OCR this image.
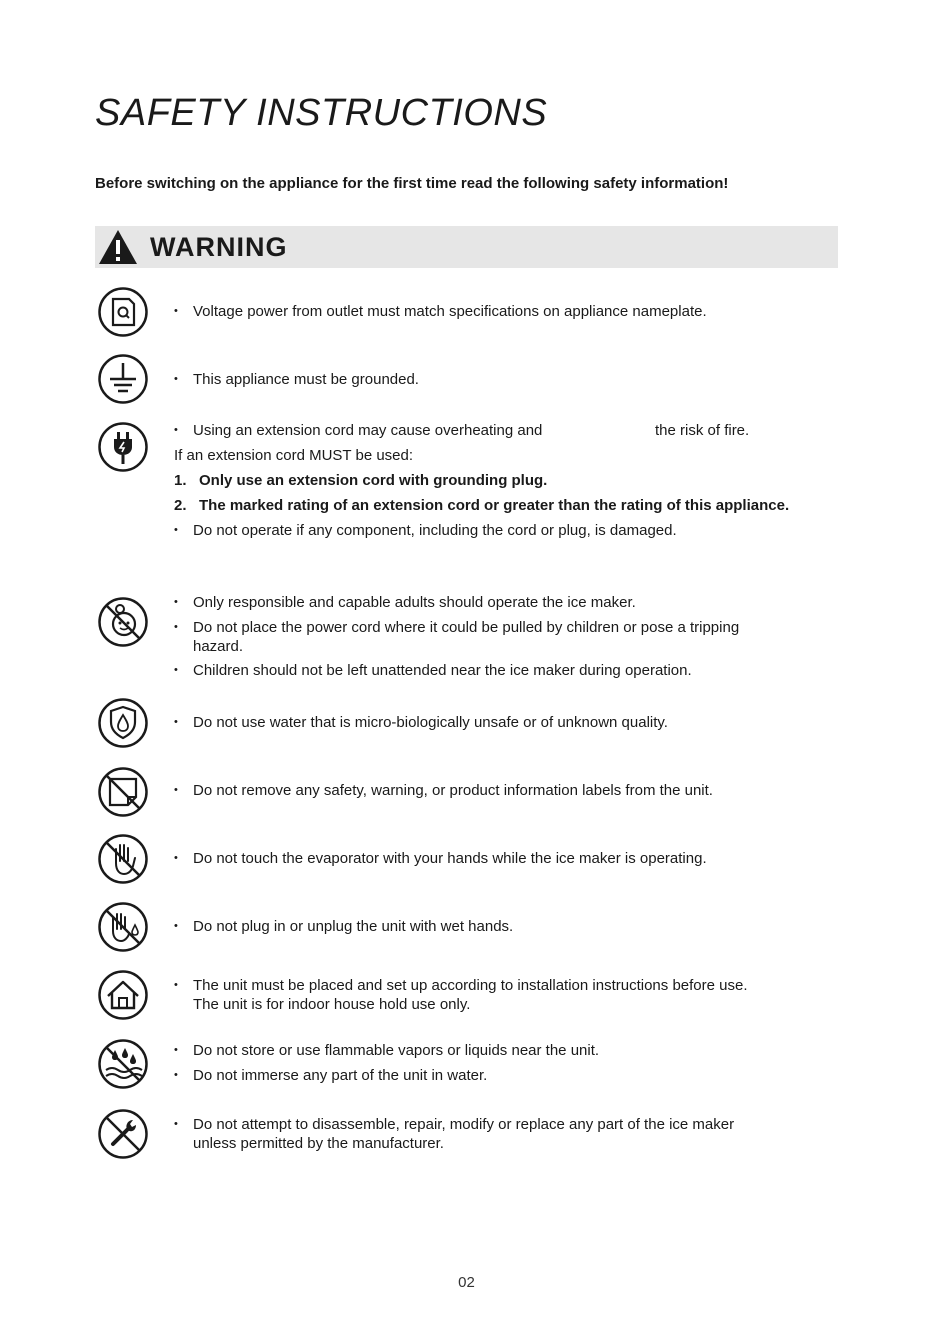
SAFETY INSTRUCTIONS
Before switching on the appliance for the first time read the following safety information!
WARNING
• Voltage power from outlet must match specifications on appliance nameplate.
• This appliance must be grounded.
• Using an extension cord may cause overheating and	the risk of fire.
If an extension cord MUST be used:
1. Only use an extension cord with grounding plug.
2. The marked rating of an extension cord or greater than the rating of this appliance.
• Do not operate if any component, including the cord or plug, is damaged.
• Only responsible and capable adults should operate the ice maker.
• Do not place the power cord where it could be pulled by children or pose a tripping
hazard.
• Children should not be left unattended near the ice maker during operation.
• Do not use water that is micro-biologically unsafe or of unknown quality.
• Do not remove any safety, warning, or product information labels from the unit.
• Do not touch the evaporator with your hands while the ice maker is operating.
• Do not plug in or unplug the unit with wet hands.
• The unit must be placed and set up according to installation instructions before use.
The unit is for indoor house hold use only.
• Do not store or use flammable vapors or liquids near the unit.
• Do not immerse any part of the unit in water.
• Do not attempt to disassemble, repair, modify or replace any part of the ice maker
unless permitted by the manufacturer.
02
